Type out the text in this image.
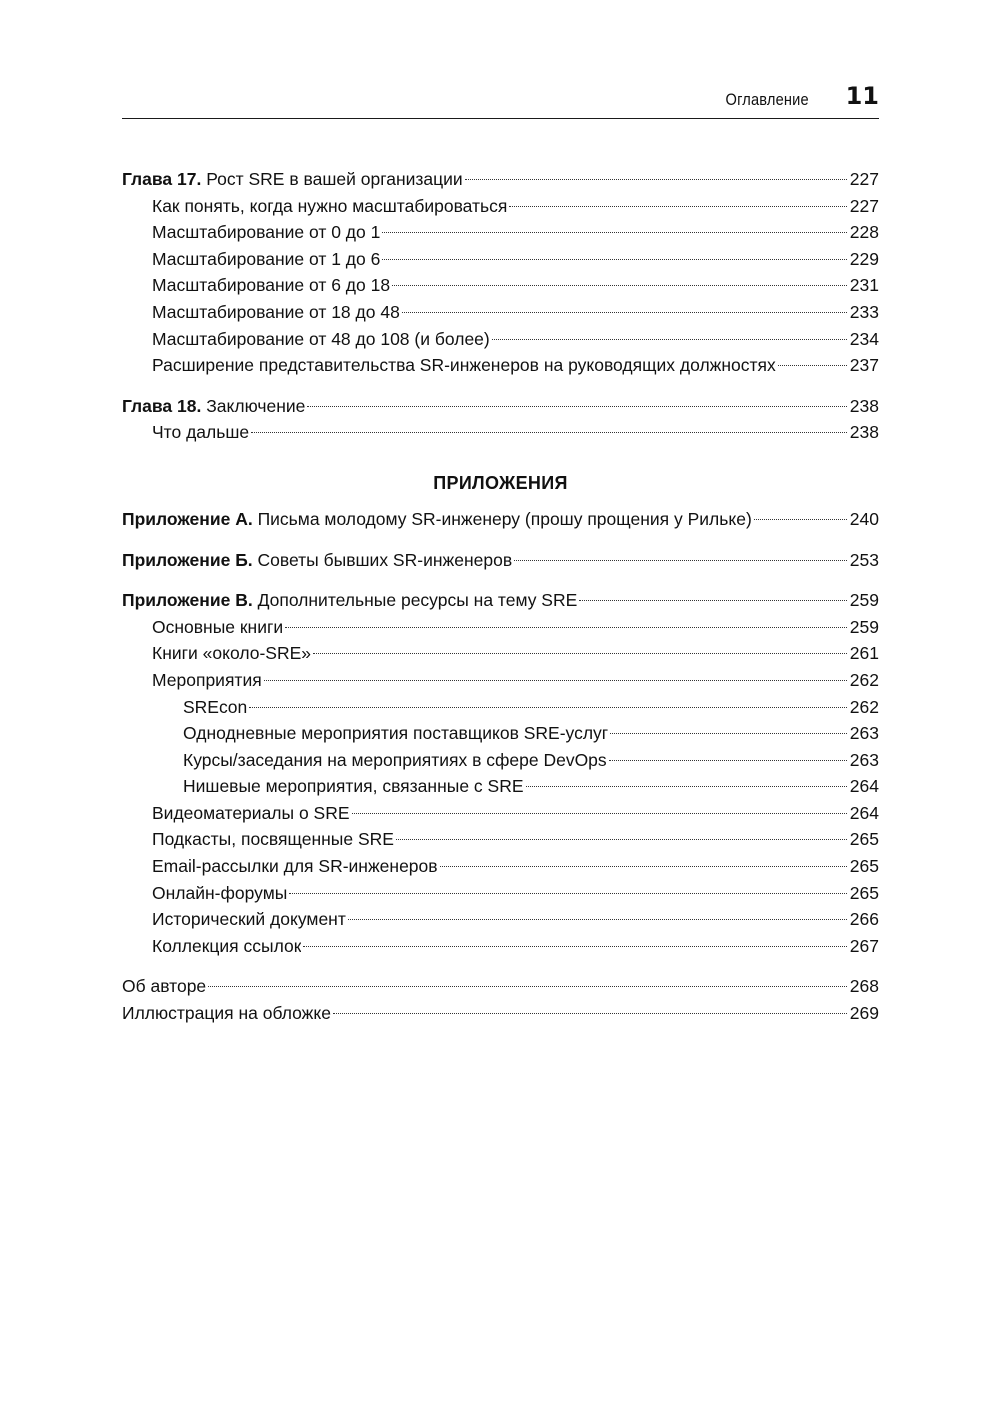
Оглавление 11
Глава 17. Рост SRE в вашей организации	227
Как понять, когда нужно масштабироваться	227
Масштабирование от 0 до 1	228
Масштабирование от 1 до 6	229
Масштабирование от 6 до 18	231
Масштабирование от 18 до 48	233
Масштабирование от 48 до 108 (и более)	234
Расширение представительства SR-инженеров на руководящих должностях	237
Глава 18. Заключение	238
Что дальше	238
ПРИЛОЖЕНИЯ
Приложение А. Письма молодому SR-инженеру (прошу прощения у Рильке)	240
Приложение Б. Советы бывших SR-инженеров	253
Приложение В. Дополнительные ресурсы на тему SRE	259
Основные книги	259
Книги «около-SRE»	261
Мероприятия	262
SREcon	262
Однодневные мероприятия поставщиков SRE-услуг	263
Курсы/заседания на мероприятиях в сфере DevOps	263
Нишевые мероприятия, связанные с SRE	264
Видеоматериалы о SRE	264
Подкасты, посвященные SRE	265
Email-рассылки для SR-инженеров	265
Онлайн-форумы	265
Исторический документ	266
Коллекция ссылок	267
Об авторе	268
Иллюстрация на обложке	269
